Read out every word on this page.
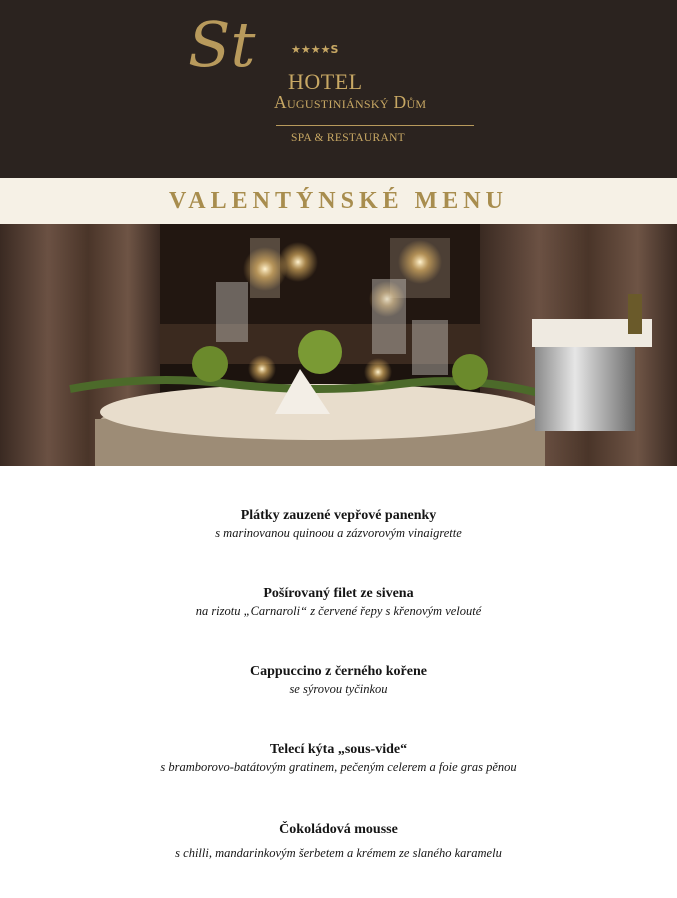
St	★★★★S
HOTEL
Augustiniánský Dům
SPA & RESTAURANT
VALENTÝNSKÉ MENU
Plátky zauzené vepřové panenky
s marinovanou quinoou a zázvorovým vinaigrette
Pošírovaný filet ze sivena
na rizotu „Carnaroli“ z červené řepy s křenovým velouté
Cappuccino z černého kořene
se sýrovou tyčinkou
Telecí kýta „sous-vide“
s bramborovo-batátovým gratinem, pečeným celerem a foie gras pěnou
Čokoládová mousse
s chilli, mandarinkovým šerbetem a krémem ze slaného karamelu
